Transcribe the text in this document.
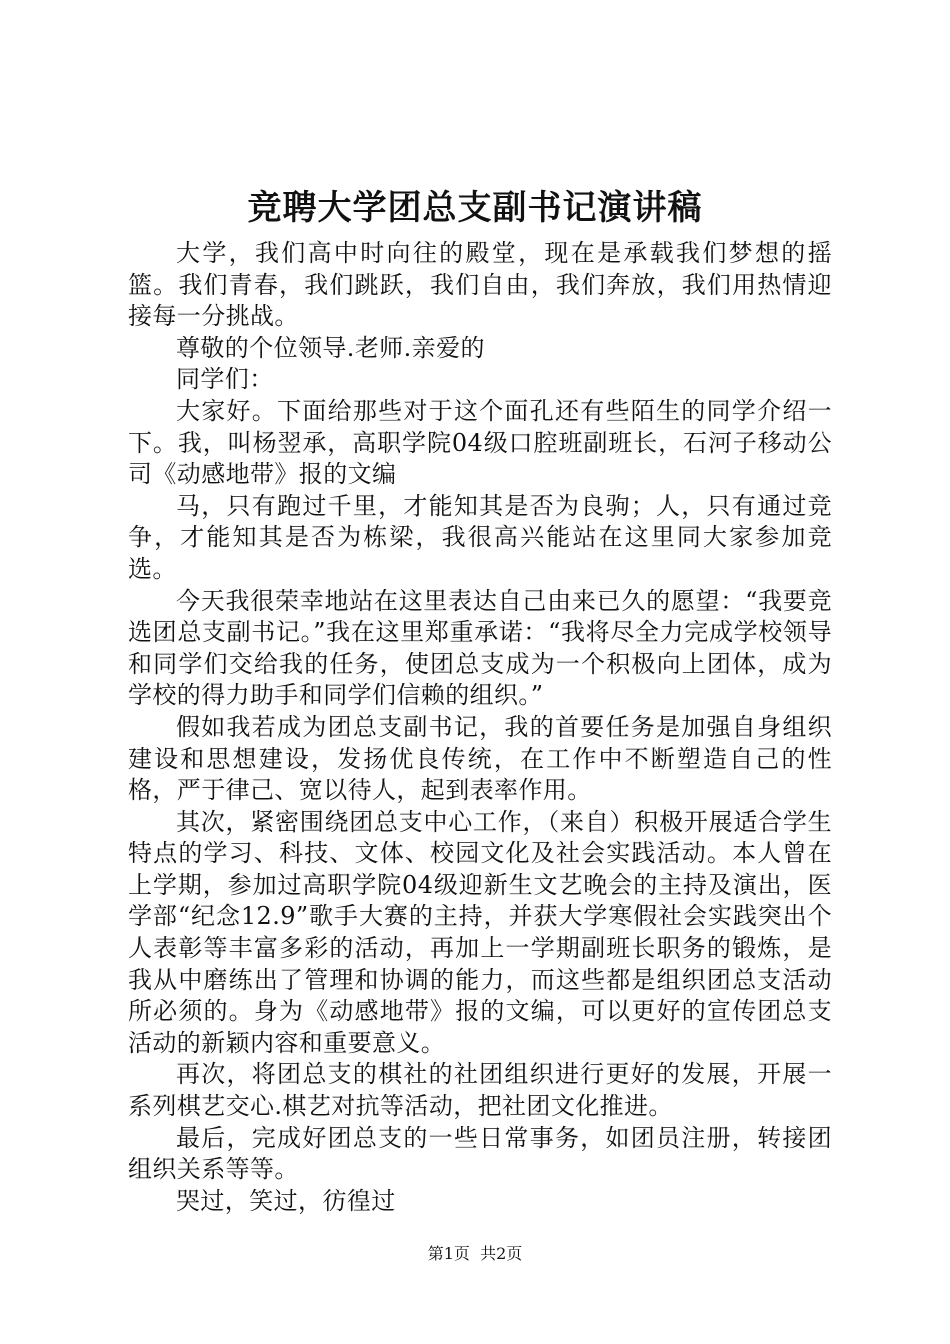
竞聘大学团总支副书记演讲稿

大学，我们高中时向往的殿堂，现在是承载我们梦想的摇篮。我们青春，我们跳跃，我们自由，我们奔放，我们用热情迎接每一分挑战。

尊敬的个位领导.老师.亲爱的

同学们：

大家好。下面给那些对于这个面孔还有些陌生的同学介绍一下。我，叫杨翌承，高职学院04级口腔班副班长，石河子移动公司《动感地带》报的文编

马，只有跑过千里，才能知其是否为良驹；人，只有通过竞争，才能知其是否为栋梁，我很高兴能站在这里同大家参加竞选。

今天我很荣幸地站在这里表达自己由来已久的愿望：“我要竞选团总支副书记。”我在这里郑重承诺：“我将尽全力完成学校领导和同学们交给我的任务，使团总支成为一个积极向上团体，成为学校的得力助手和同学们信赖的组织。”

假如我若成为团总支副书记，我的首要任务是加强自身组织建设和思想建设，发扬优良传统，在工作中不断塑造自己的性格，严于律己、宽以待人，起到表率作用。

其次，紧密围绕团总支中心工作，（来自）积极开展适合学生特点的学习、科技、文体、校园文化及社会实践活动。本人曾在上学期，参加过高职学院04级迎新生文艺晚会的主持及演出，医学部“纪念12.9”歌手大赛的主持，并获大学寒假社会实践突出个人表彰等丰富多彩的活动，再加上一学期副班长职务的锻炼，是我从中磨练出了管理和协调的能力，而这些都是组织团总支活动所必须的。身为《动感地带》报的文编，可以更好的宣传团总支活动的新颖内容和重要意义。

再次，将团总支的棋社的社团组织进行更好的发展，开展一系列棋艺交心.棋艺对抗等活动，把社团文化推进。

最后，完成好团总支的一些日常事务，如团员注册，转接团组织关系等等。

哭过，笑过，彷徨过

第1页  共2页
